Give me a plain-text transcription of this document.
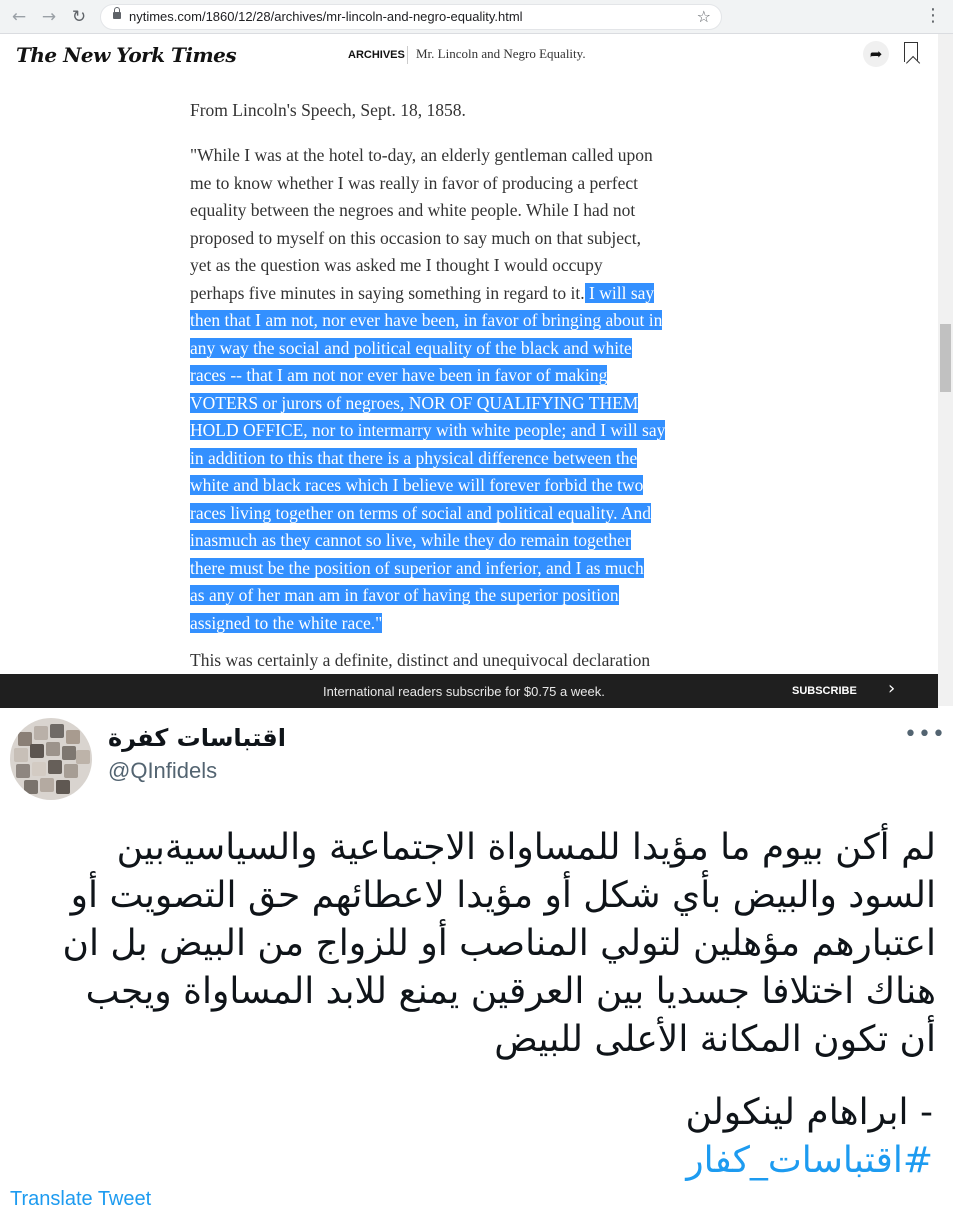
← → ↻	nytimes.com/1860/12/28/archives/mr-lincoln-and-negro-equality.html	☆	⋮
The New York Times	ARCHIVES Mr. Lincoln and Negro Equality.	➦

From Lincoln's Speech, Sept. 18, 1858.

"While I was at the hotel to-day, an elderly gentleman called upon
me to know whether I was really in favor of producing a perfect
equality between the negroes and white people. While I had not
proposed to myself on this occasion to say much on that subject,
yet as the question was asked me I thought I would occupy
perhaps five minutes in saying something in regard to it. I will say
then that I am not, nor ever have been, in favor of bringing about in
any way the social and political equality of the black and white
races -- that I am not nor ever have been in favor of making
VOTERS or jurors of negroes, NOR OF QUALIFYING THEM
HOLD OFFICE, nor to intermarry with white people; and I will say
in addition to this that there is a physical difference between the
white and black races which I believe will forever forbid the two
races living together on terms of social and political equality. And
inasmuch as they cannot so live, while they do remain together
there must be the position of superior and inferior, and I as much
as any of her man am in favor of having the superior position
assigned to the white race."

This was certainly a definite, distinct and unequivocal declaration

International readers subscribe for $0.75 a week.	SUBSCRIBE ›
اقتباسات كفرة
@QInfidels
•••
لم أكن بيوم ما مؤيدا للمساواة الاجتماعية والسياسيةبين
السود والبيض بأي شكل أو مؤيدا لاعطائهم حق التصويت أو
اعتبارهم مؤهلين لتولي المناصب أو للزواج من البيض بل ان
هناك اختلافا جسديا بين العرقين يمنع للابد المساواة ويجب
أن تكون المكانة الأعلى للبيض
- ابراهام لينكولن
#اقتباسات_كفار
Translate Tweet
